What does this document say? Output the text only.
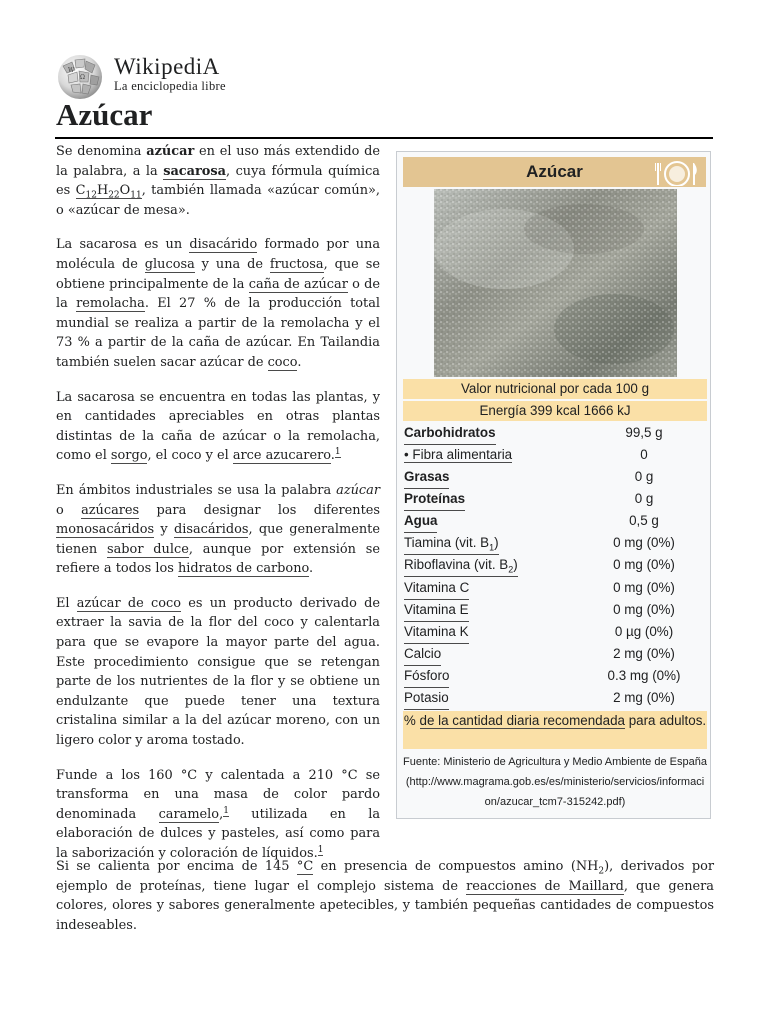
W
Ω WikipediA
La enciclopedia libre
Azúcar

Se denomina azúcar en el uso más extendido de la palabra, a la sacarosa, cuya fórmula química es $C_{12}H_{22}O_{11}$, también llamada «azúcar común», o «azúcar de mesa».

La sacarosa es un disacárido formado por una molécula de glucosa y una de fructosa, que se obtiene principalmente de la caña de azúcar o de la remolacha. El 27 % de la producción total mundial se realiza a partir de la remolacha y el 73 % a partir de la caña de azúcar. En Tailandia también suelen sacar azúcar de coco.

La sacarosa se encuentra en todas las plantas, y en cantidades apreciables en otras plantas distintas de la caña de azúcar o la remolacha, como el sorgo, el coco y el arce azucarero.$^1$

En ámbitos industriales se usa la palabra azúcar o azúcares para designar los diferentes monosacáridos y disacáridos, que generalmente tienen sabor dulce, aunque por extensión se refiere a todos los hidratos de carbono.

El azúcar de coco es un producto derivado de extraer la savia de la flor del coco y calentarla para que se evapore la mayor parte del agua. Este procedimiento consigue que se retengan parte de los nutrientes de la flor y se obtiene un endulzante que puede tener una textura cristalina similar a la del azúcar moreno, con un ligero color y aroma tostado.

Funde a los 160 °C y calentada a 210 °C se transforma en una masa de color pardo denominada caramelo,$^1$ utilizada en la elaboración de dulces y pasteles, así como para la saborización y coloración de líquidos.$^1$

Si se calienta por encima de 145 °C en presencia de compuestos amino $(NH_2)$, derivados por ejemplo de proteínas, tiene lugar el complejo sistema de reacciones de Maillard, que genera colores, olores y sabores generalmente apetecibles, y también pequeñas cantidades de compuestos indeseables.

Azúcar
Valor nutricional por cada 100 g
Energía 399 kcal 1666 kJ
Carbohidratos	99,5 g
• Fibra alimentaria	0
Grasas	0 g
Proteínas	0 g
Agua	0,5 g
Tiamina (vit. $B_1$)	0 mg (0%)
Riboflavina (vit. $B_2$)	0 mg (0%)
Vitamina C	0 mg (0%)
Vitamina E	0 mg (0%)
Vitamina K	0 µg (0%)
Calcio	2 mg (0%)
Fósforo	0.3 mg (0%)
Potasio	2 mg (0%)
% de la cantidad diaria recomendada para adultos.
Fuente: Ministerio de Agricultura y Medio Ambiente de España (http://www.magrama.gob.es/es/ministerio/servicios/informacion/azucar_tcm7-315242.pdf)
